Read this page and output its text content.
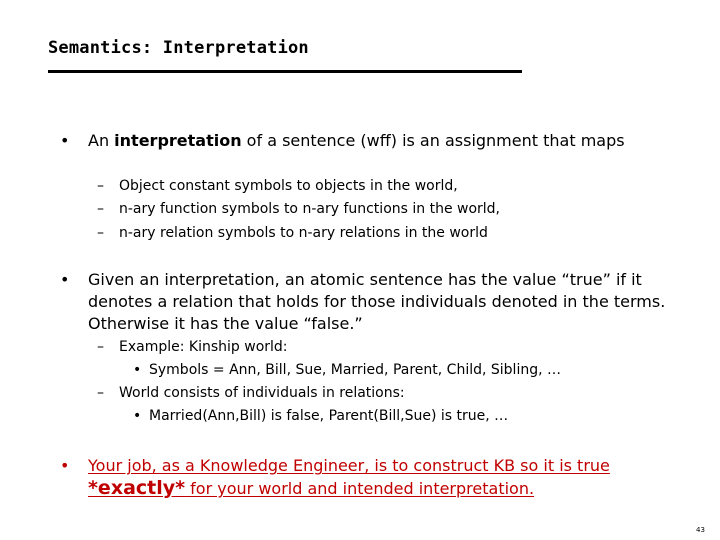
Semantics: Interpretation
• An interpretation of a sentence (wff) is an assignment that maps
– Object constant symbols to objects in the world,
– n-ary function symbols to n-ary functions in the world,
– n-ary relation symbols to n-ary relations in the world
• Given an interpretation, an atomic sentence has the value “true” if it denotes a relation that holds for those individuals denoted in the terms. Otherwise it has the value “false.”
– Example: Kinship world:
• Symbols = Ann, Bill, Sue, Married, Parent, Child, Sibling, …
– World consists of individuals in relations:
• Married(Ann,Bill) is false, Parent(Bill,Sue) is true, …
• Your job, as a Knowledge Engineer, is to construct KB so it is true *exactly* for your world and intended interpretation.
43
